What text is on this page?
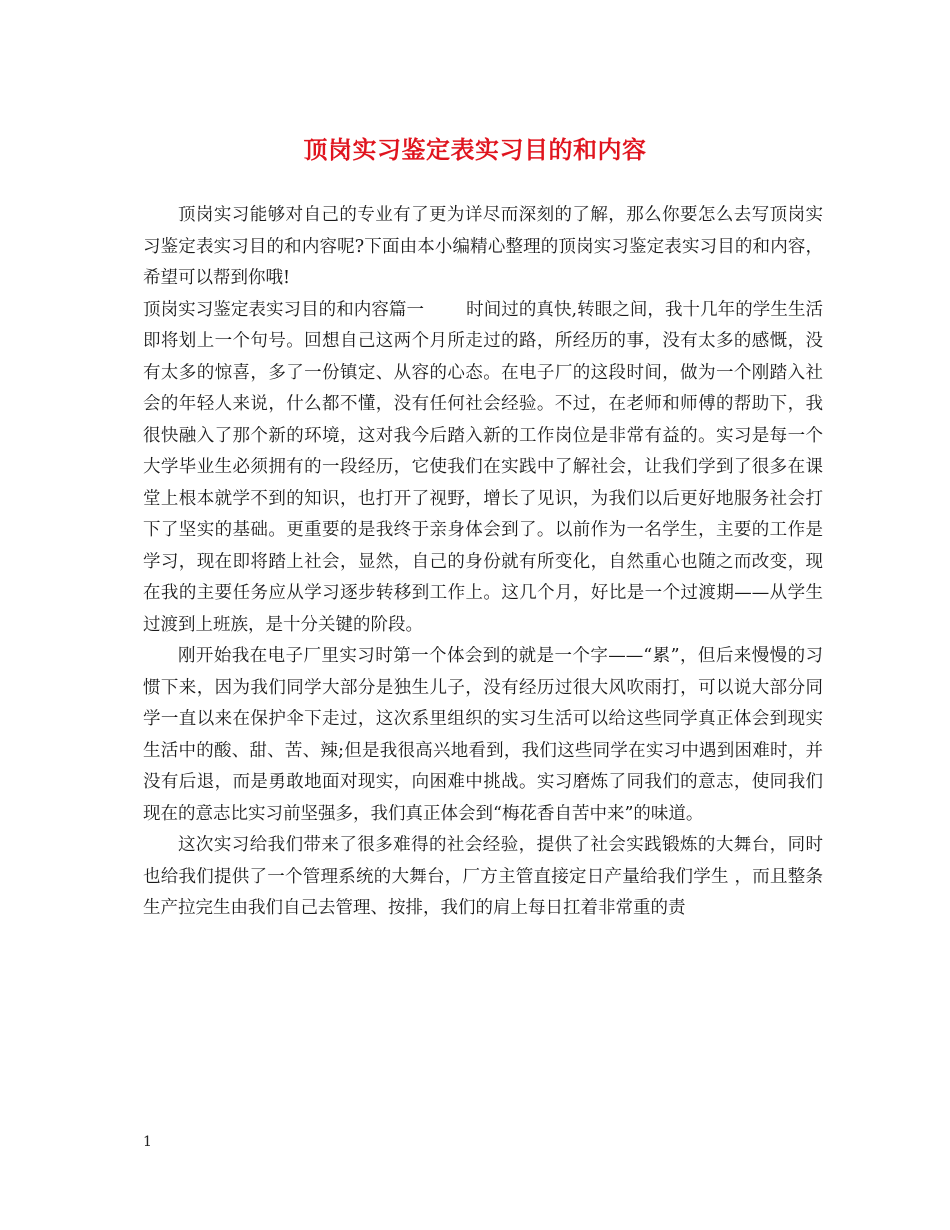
顶岗实习鉴定表实习目的和内容

顶岗实习能够对自己的专业有了更为详尽而深刻的了解，那么你要怎么去写顶岗实习鉴定表实习目的和内容呢?下面由本小编精心整理的顶岗实习鉴定表实习目的和内容，希望可以帮到你哦!

顶岗实习鉴定表实习目的和内容篇一 时间过的真快,转眼之间，我十几年的学生生活即将划上一个句号。回想自己这两个月所走过的路，所经历的事，没有太多的感慨，没有太多的惊喜，多了一份镇定、从容的心态。在电子厂的这段时间，做为一个刚踏入社会的年轻人来说，什么都不懂，没有任何社会经验。不过，在老师和师傅的帮助下，我很快融入了那个新的环境，这对我今后踏入新的工作岗位是非常有益的。实习是每一个大学毕业生必须拥有的一段经历，它使我们在实践中了解社会，让我们学到了很多在课堂上根本就学不到的知识，也打开了视野，增长了见识，为我们以后更好地服务社会打下了坚实的基础。更重要的是我终于亲身体会到了。以前作为一名学生，主要的工作是学习，现在即将踏上社会，显然，自己的身份就有所变化，自然重心也随之而改变，现在我的主要任务应从学习逐步转移到工作上。这几个月，好比是一个过渡期——从学生过渡到上班族，是十分关键的阶段。

刚开始我在电子厂里实习时第一个体会到的就是一个字——“累”，但后来慢慢的习惯下来，因为我们同学大部分是独生儿子，没有经历过很大风吹雨打，可以说大部分同学一直以来在保护伞下走过，这次系里组织的实习生活可以给这些同学真正体会到现实生活中的酸、甜、苦、辣;但是我很高兴地看到，我们这些同学在实习中遇到困难时，并没有后退，而是勇敢地面对现实，向困难中挑战。实习磨炼了同我们的意志，使同我们现在的意志比实习前坚强多，我们真正体会到“梅花香自苦中来”的味道。

这次实习给我们带来了很多难得的社会经验，提供了社会实践锻炼的大舞台，同时也给我们提供了一个管理系统的大舞台，厂方主管直接定日产量给我们学生 ，而且整条生产拉完生由我们自己去管理、按排，我们的肩上每日扛着非常重的责

1
